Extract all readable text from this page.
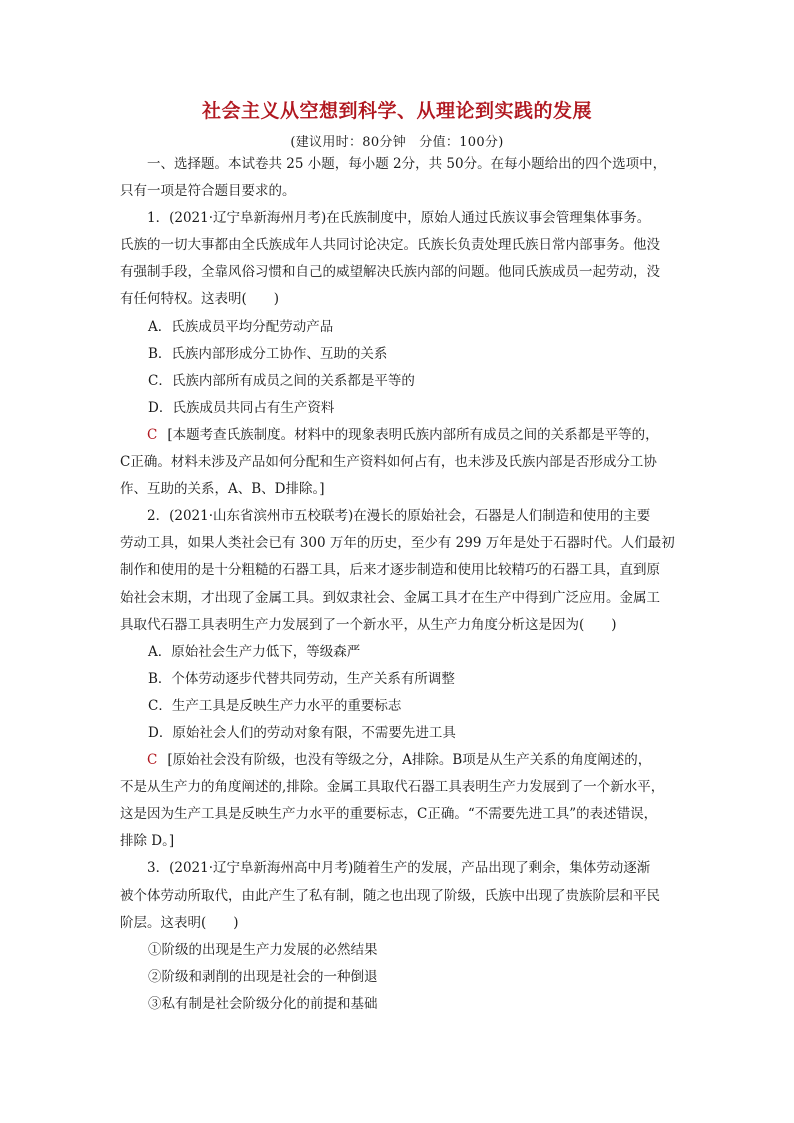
社会主义从空想到科学、从理论到实践的发展
(建议用时：80分钟　分值：100分)

一、选择题。本试卷共 25 小题，每小题 2分，共 50分。在每小题给出的四个选项中，

只有一项是符合题目要求的。

1．(2021·辽宁阜新海州月考)在氏族制度中，原始人通过氏族议事会管理集体事务。

氏族的一切大事都由全氏族成年人共同讨论决定。氏族长负责处理氏族日常内部事务。他没

有强制手段，全靠风俗习惯和自己的威望解决氏族内部的问题。他同氏族成员一起劳动，没

有任何特权。这表明(　　)

A．氏族成员平均分配劳动产品

B．氏族内部形成分工协作、互助的关系

C．氏族内部所有成员之间的关系都是平等的

D．氏族成员共同占有生产资料

C [本题考查氏族制度。材料中的现象表明氏族内部所有成员之间的关系都是平等的，

C正确。材料未涉及产品如何分配和生产资料如何占有，也未涉及氏族内部是否形成分工协

作、互助的关系，A、B、D排除。]

2．(2021·山东省滨州市五校联考)在漫长的原始社会，石器是人们制造和使用的主要

劳动工具，如果人类社会已有 300 万年的历史，至少有 299 万年是处于石器时代。人们最初

制作和使用的是十分粗糙的石器工具，后来才逐步制造和使用比较精巧的石器工具，直到原

始社会末期，才出现了金属工具。到奴隶社会、金属工具才在生产中得到广泛应用。金属工

具取代石器工具表明生产力发展到了一个新水平，从生产力角度分析这是因为(　　)

A．原始社会生产力低下，等级森严

B．个体劳动逐步代替共同劳动，生产关系有所调整

C．生产工具是反映生产力水平的重要标志

D．原始社会人们的劳动对象有限，不需要先进工具

C [原始社会没有阶级，也没有等级之分，A排除。B项是从生产关系的角度阐述的，

不是从生产力的角度阐述的,排除。金属工具取代石器工具表明生产力发展到了一个新水平，

这是因为生产工具是反映生产力水平的重要标志，C正确。“不需要先进工具”的表述错误，

排除 D。]

3．(2021·辽宁阜新海州高中月考)随着生产的发展，产品出现了剩余，集体劳动逐渐

被个体劳动所取代，由此产生了私有制，随之也出现了阶级，氏族中出现了贵族阶层和平民

阶层。这表明(　　)

①阶级的出现是生产力发展的必然结果

②阶级和剥削的出现是社会的一种倒退

③私有制是社会阶级分化的前提和基础
